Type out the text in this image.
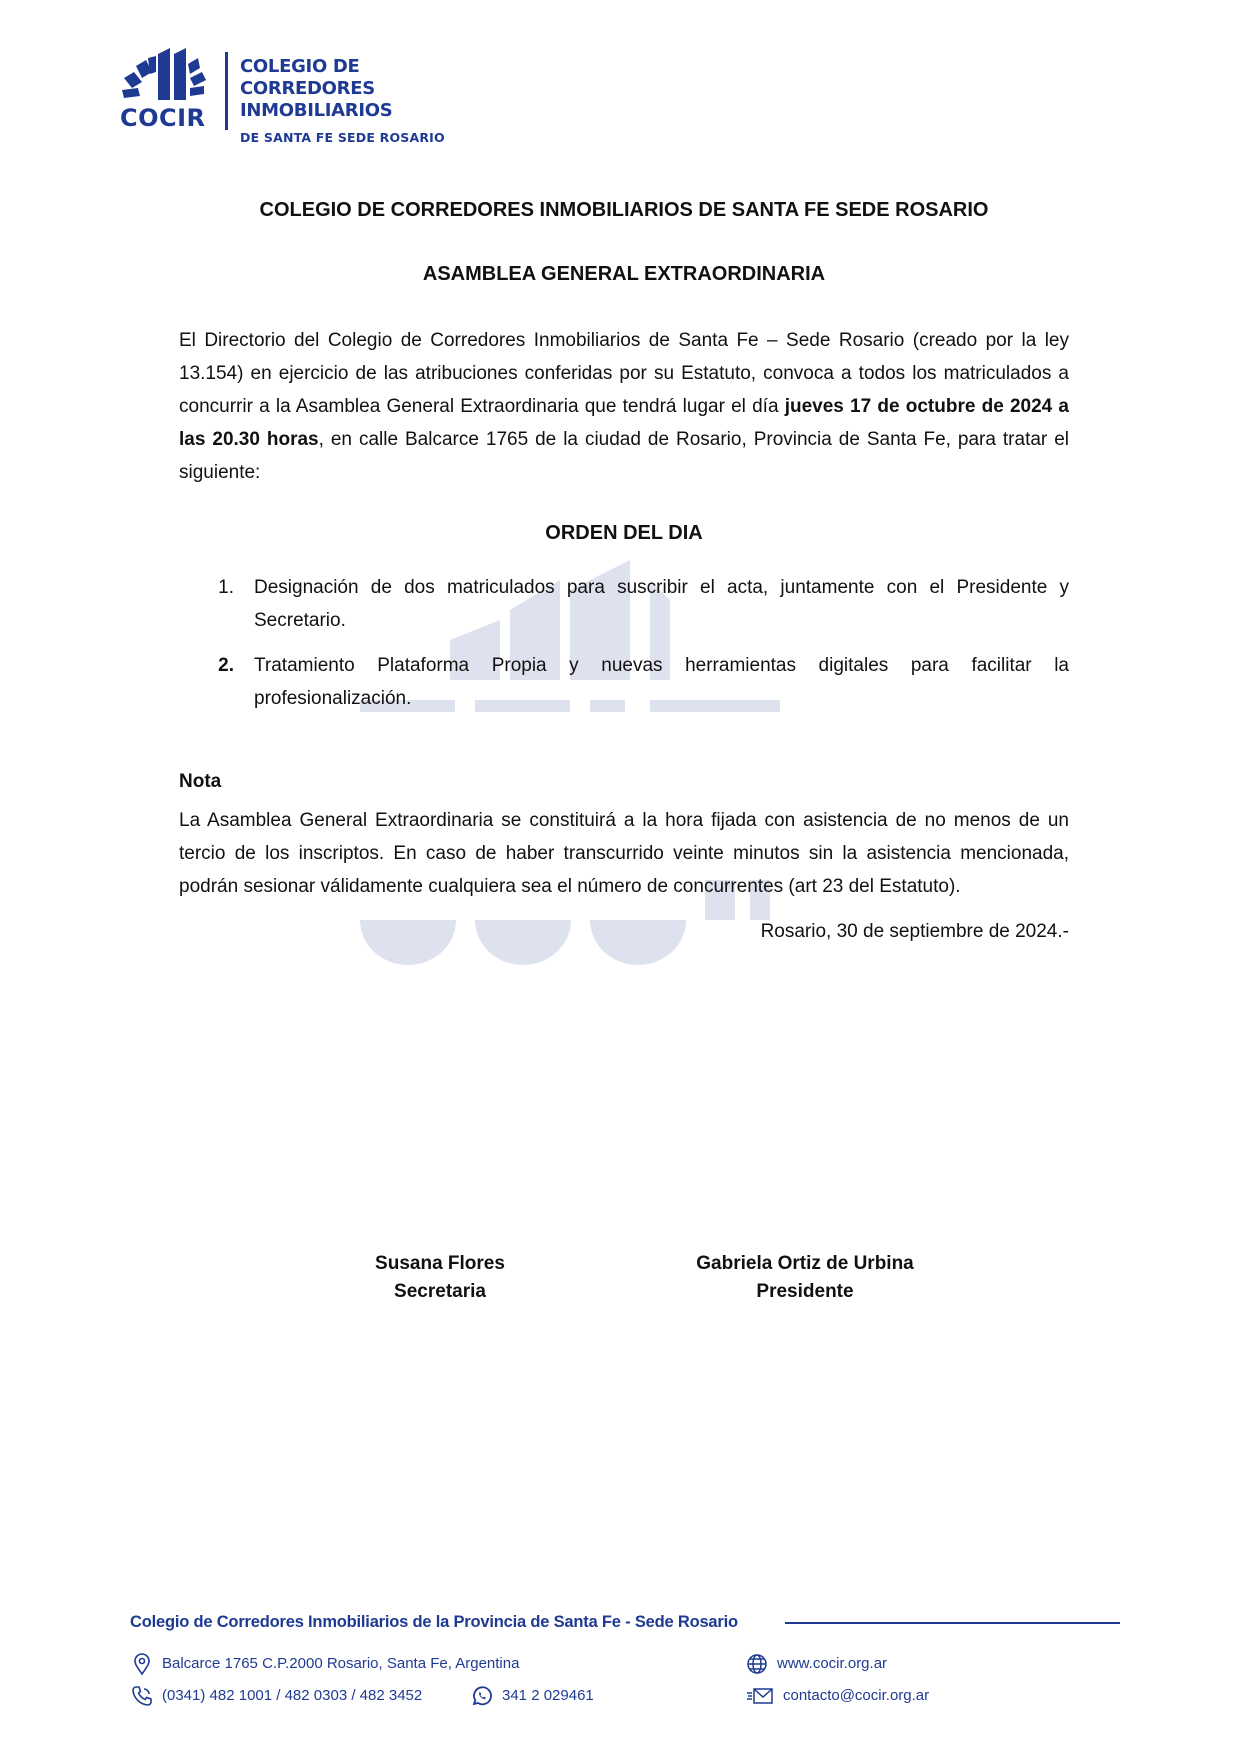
COCIR
COLEGIO DE CORREDORES
INMOBILIARIOS
DE SANTA FE SEDE ROSARIO

COLEGIO DE CORREDORES INMOBILIARIOS DE SANTA FE SEDE ROSARIO

ASAMBLEA GENERAL EXTRAORDINARIA

El Directorio del Colegio de Corredores Inmobiliarios de Santa Fe – Sede Rosario (creado por la ley 13.154) en ejercicio de las atribuciones conferidas por su Estatuto, convoca a todos los matriculados a concurrir a la Asamblea General Extraordinaria que tendrá lugar el día jueves 17 de octubre de 2024 a las 20.30 horas, en calle Balcarce 1765 de la ciudad de Rosario, Provincia de Santa Fe, para tratar el siguiente:

ORDEN DEL DIA

1.	Designación de dos matriculados para suscribir el acta, juntamente con el Presidente y Secretario.
2.	Tratamiento Plataforma Propia y nuevas herramientas digitales para facilitar la profesionalización.

Nota

La Asamblea General Extraordinaria se constituirá a la hora fijada con asistencia de no menos de un tercio de los inscriptos. En caso de haber transcurrido veinte minutos sin la asistencia mencionada, podrán sesionar válidamente cualquiera sea el número de concurrentes (art 23 del Estatuto).

Rosario, 30 de septiembre de 2024.-

Susana Flores
Secretaria
Gabriela Ortiz de Urbina
Presidente
Colegio de Corredores Inmobiliarios de la Provincia de Santa Fe - Sede Rosario
Balcarce 1765 C.P.2000 Rosario, Santa Fe, Argentina
(0341) 482 1001 / 482 0303 / 482 3452	341 2 029461
www.cocir.org.ar
contacto@cocir.org.ar
